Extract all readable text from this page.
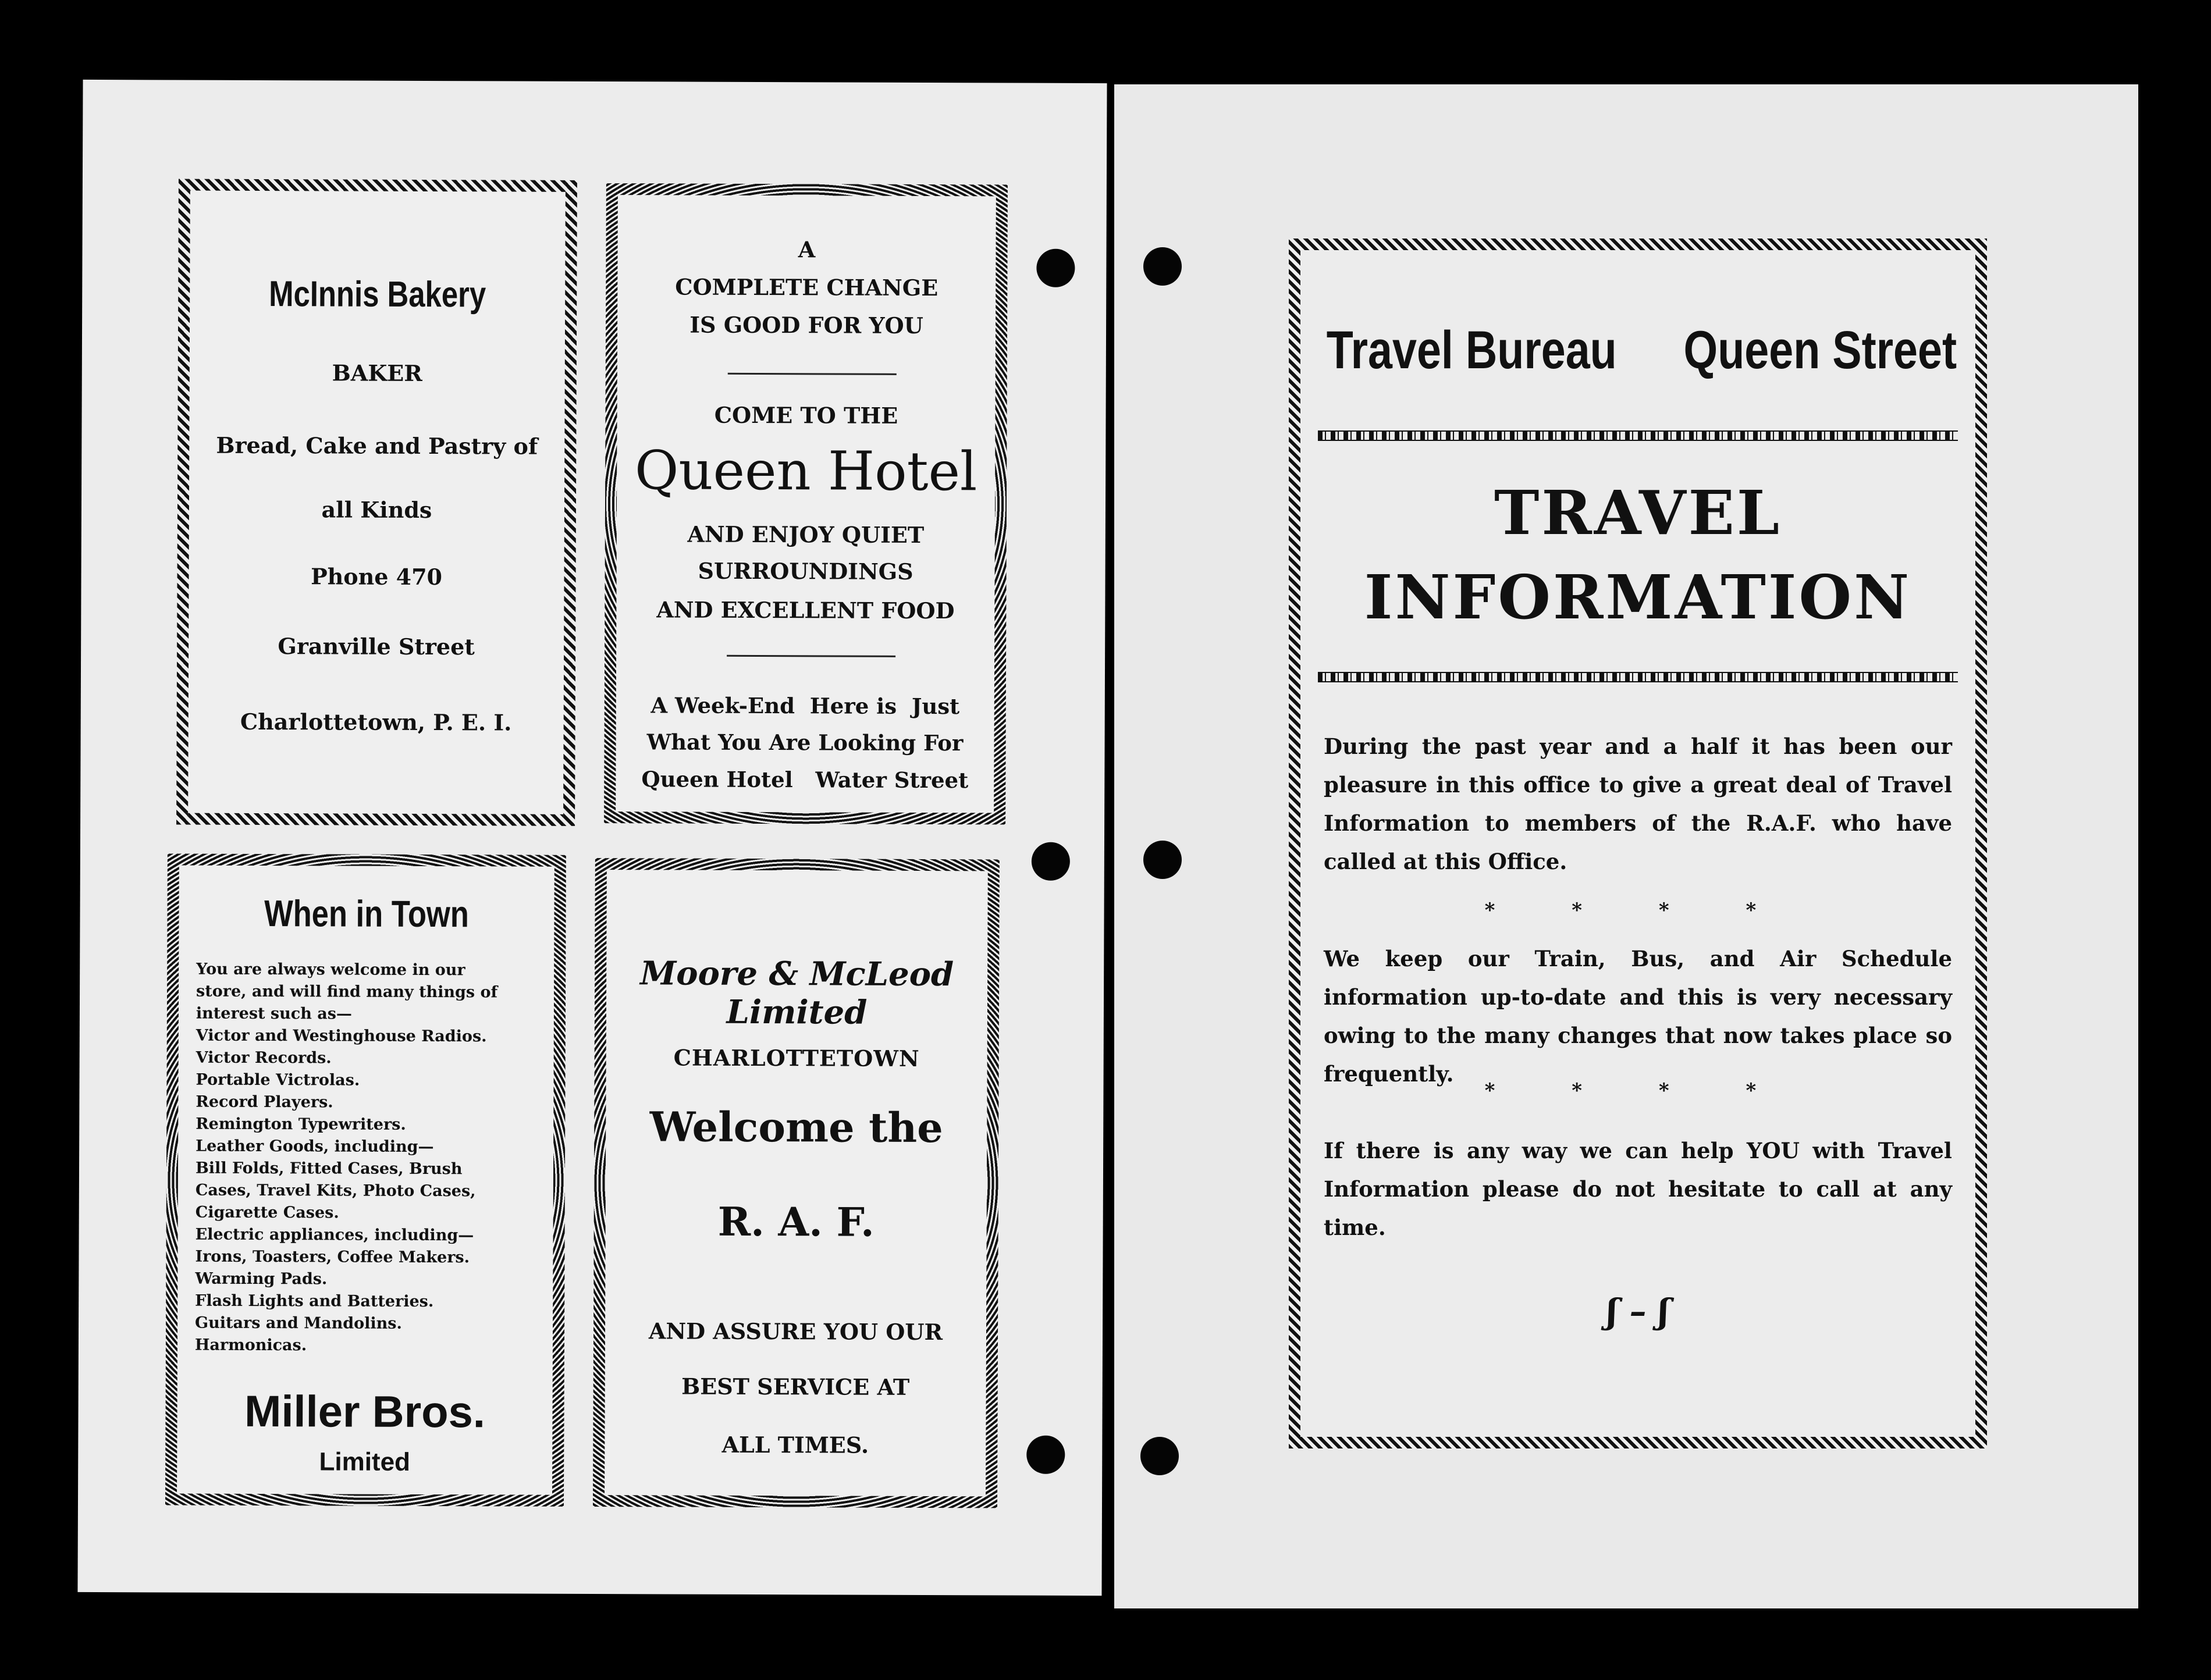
McInnis Bakery
BAKER
Bread, Cake and Pastry of
all Kinds
Phone 470
Granville Street
Charlottetown, P. E. I.
A
COMPLETE CHANGE
IS GOOD FOR YOU
COME TO THE
Queen Hotel
AND ENJOY QUIET
SURROUNDINGS
AND EXCELLENT FOOD
A Week-End  Here is  Just
What You Are Looking For
Queen Hotel   Water Street
When in Town
You are always welcome in our
store, and will find many things of
interest such as—
Victor and Westinghouse Radios.
Victor Records.
Portable Victrolas.
Record Players.
Remington Typewriters.
Leather Goods, including—
Bill Folds, Fitted Cases, Brush
Cases, Travel Kits, Photo Cases,
Cigarette Cases.
Electric appliances, including—
Irons, Toasters, Coffee Makers.
Warming Pads.
Flash Lights and Batteries.
Guitars and Mandolins.
Harmonicas.
Miller Bros.
Limited
Moore & McLeod Limited
CHARLOTTETOWN
Welcome the
R. A. F.
AND ASSURE YOU OUR
BEST SERVICE AT
ALL TIMES.
Travel Bureau Queen Street
TRAVEL
INFORMATION
During the past year and a half it has been our pleasure in this office to give a great deal of Travel Information to members of the R.A.F. who have called at this Office.
* * * *
We keep our Train, Bus, and Air Schedule information up-to-date and this is very necessary owing to the many changes that now takes place so frequently.
* * * *
If there is any way we can help YOU with Travel Information please do not hesitate to call at any time.
ʃ – ʃ
